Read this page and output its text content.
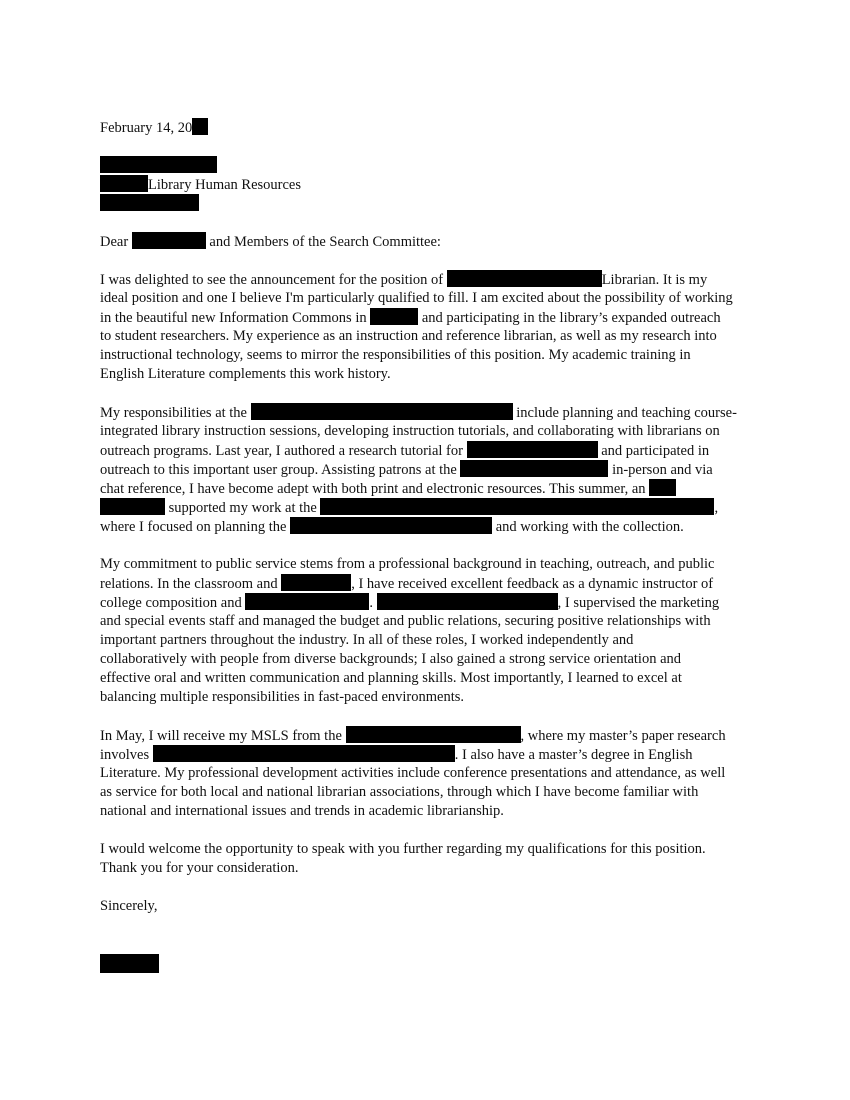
February 14, 20
Library Human Resources
Dear	and Members of the Search Committee:
I was delighted to see the announcement for the position of	Librarian. It is my
ideal position and one I believe I'm particularly qualified to fill. I am excited about the possibility of working
in the beautiful new Information Commons in	and participating in the library’s expanded outreach
to student researchers. My experience as an instruction and reference librarian, as well as my research into
instructional technology, seems to mirror the responsibilities of this position. My academic training in
English Literature complements this work history.
My responsibilities at the	include planning and teaching course-
integrated library instruction sessions, developing instruction tutorials, and collaborating with librarians on
outreach programs. Last year, I authored a research tutorial for	and participated in
outreach to this important user group. Assisting patrons at the	in-person and via
chat reference, I have become adept with both print and electronic resources. This summer, an
supported my work at the	,
where I focused on planning the	and working with the collection.
My commitment to public service stems from a professional background in teaching, outreach, and public
relations. In the classroom and	, I have received excellent feedback as a dynamic instructor of
college composition and	.	, I supervised the marketing
and special events staff and managed the budget and public relations, securing positive relationships with
important partners throughout the industry. In all of these roles, I worked independently and
collaboratively with people from diverse backgrounds; I also gained a strong service orientation and
effective oral and written communication and planning skills. Most importantly, I learned to excel at
balancing multiple responsibilities in fast-paced environments.
In May, I will receive my MSLS from the	, where my master’s paper research
involves	. I also have a master’s degree in English
Literature. My professional development activities include conference presentations and attendance, as well
as service for both local and national librarian associations, through which I have become familiar with
national and international issues and trends in academic librarianship.
I would welcome the opportunity to speak with you further regarding my qualifications for this position.
Thank you for your consideration.
Sincerely,
